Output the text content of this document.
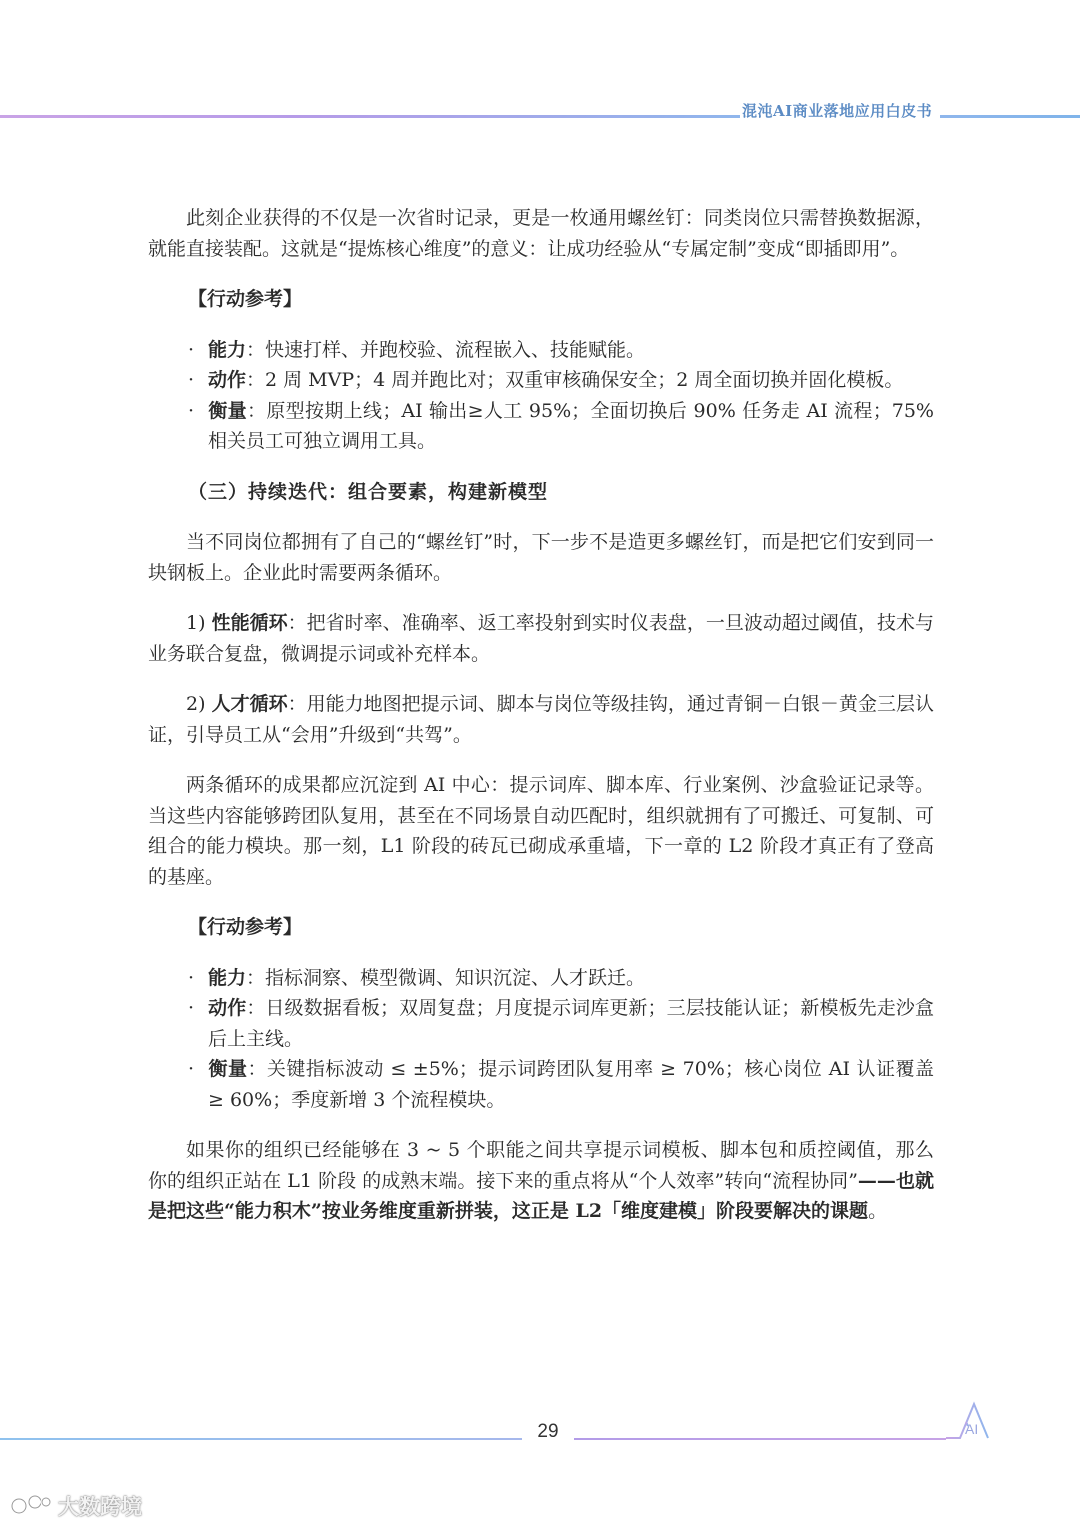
混沌AI商业落地应用白皮书

此刻企业获得的不仅是一次省时记录，更是一枚通用螺丝钉：同类岗位只需替换数据源，就能直接装配。这就是“提炼核心维度”的意义：让成功经验从“专属定制”变成“即插即用”。

【行动参考】

· 能力：快速打样、并跑校验、流程嵌入、技能赋能。
· 动作：2 周 MVP；4 周并跑比对；双重审核确保安全；2 周全面切换并固化模板。
· 衡量：原型按期上线；AI 输出≥人工 95%；全面切换后 90% 任务走 AI 流程；75% 相关员工可独立调用工具。

（三）持续迭代：组合要素，构建新模型

当不同岗位都拥有了自己的“螺丝钉”时，下一步不是造更多螺丝钉，而是把它们安到同一块钢板上。企业此时需要两条循环。

1) 性能循环：把省时率、准确率、返工率投射到实时仪表盘，一旦波动超过阈值，技术与业务联合复盘，微调提示词或补充样本。

2) 人才循环：用能力地图把提示词、脚本与岗位等级挂钩，通过青铜－白银－黄金三层认证，引导员工从“会用”升级到“共驾”。

两条循环的成果都应沉淀到 AI 中心：提示词库、脚本库、行业案例、沙盒验证记录等。当这些内容能够跨团队复用，甚至在不同场景自动匹配时，组织就拥有了可搬迁、可复制、可组合的能力模块。那一刻，L1 阶段的砖瓦已砌成承重墙，下一章的 L2 阶段才真正有了登高的基座。

【行动参考】

· 能力：指标洞察、模型微调、知识沉淀、人才跃迁。
· 动作：日级数据看板；双周复盘；月度提示词库更新；三层技能认证；新模板先走沙盒后上主线。
· 衡量：关键指标波动 ≤ ±5%；提示词跨团队复用率 ≥ 70%；核心岗位 AI 认证覆盖 ≥ 60%；季度新增 3 个流程模块。

如果你的组织已经能够在 3 ~ 5 个职能之间共享提示词模板、脚本包和质控阈值，那么你的组织正站在 L1 阶段 的成熟末端。接下来的重点将从“个人效率”转向“流程协同”——也就是把这些“能力积木”按业务维度重新拼装，这正是 L2「维度建模」阶段要解决的课题。

29	AI
大数跨境
